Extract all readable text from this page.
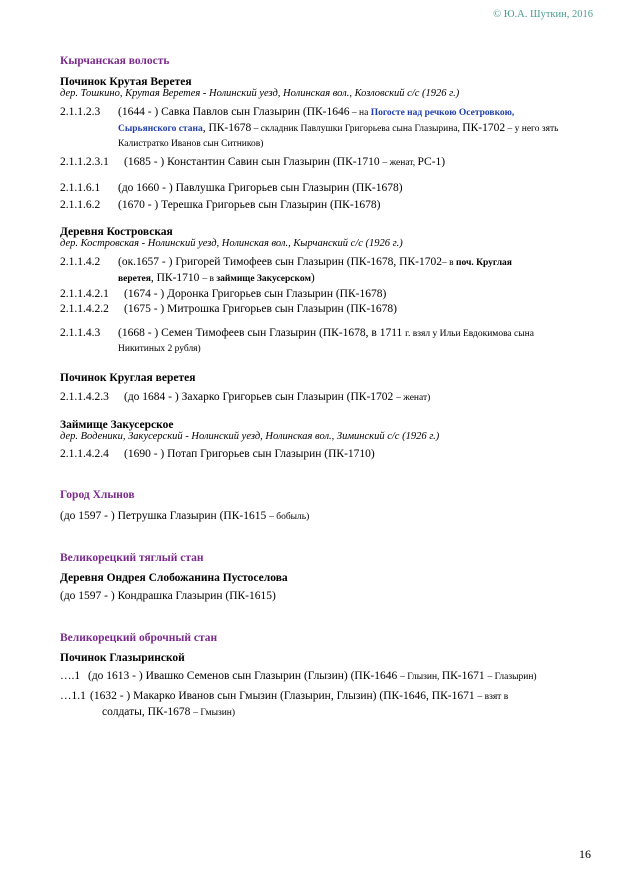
© Ю.А. Шуткин, 2016
Кырчанская волость
Починок Крутая Веретея
дер. Тошкино, Крутая Веретея - Нолинский уезд, Нолинская вол., Козловский с/с (1926 г.)
2.1.1.2.3 (1644 - ) Савка Павлов сын Глазырин (ПК-1646 – на Погосте над речкою Осетровкою,
Сырьянского стана, ПК-1678 – складник Павлушки Григорьева сына Глазырина, ПК-1702 – у него зять
Калистратко Иванов сын Ситников)
2.1.1.2.3.1 (1685 - ) Константин Савин сын Глазырин (ПК-1710 – женат, РС-1)
2.1.1.6.1 (до 1660 - ) Павлушка Григорьев сын Глазырин (ПК-1678)
2.1.1.6.2 (1670 - ) Терешка Григорьев сын Глазырин (ПК-1678)
Деревня Костровская
дер. Костровская - Нолинский уезд, Нолинская вол., Кырчанский с/с (1926 г.)
2.1.1.4.2 (ок.1657 - ) Григорей Тимофеев сын Глазырин (ПК-1678, ПК-1702– в поч. Круглая
веретея, ПК-1710 – в займище Закусерском)
2.1.1.4.2.1 (1674 - ) Доронка Григорьев сын Глазырин (ПК-1678)
2.1.1.4.2.2 (1675 - ) Митрошка Григорьев сын Глазырин (ПК-1678)
2.1.1.4.3 (1668 - ) Семен Тимофеев сын Глазырин (ПК-1678, в 1711 г. взял у Ильи Евдокимова сына
Никитиных 2 рубля)
Починок Круглая веретея
2.1.1.4.2.3 (до 1684 - ) Захарко Григорьев сын Глазырин (ПК-1702 – женат)
Займище Закусерское
дер. Воденики, Закусерский - Нолинский уезд, Нолинская вол., Зиминский с/с (1926 г.)
2.1.1.4.2.4 (1690 - ) Потап Григорьев сын Глазырин (ПК-1710)
Город Хлынов
(до 1597 - ) Петрушка Глазырин (ПК-1615 – бобыль)
Великорецкий тяглый стан
Деревня Ондрея Слобожанина Пустоселова
(до 1597 - ) Кондрашка Глазырин (ПК-1615)
Великорецкий оброчный стан
Починок Глазыринской
….1 (до 1613 - ) Ивашко Семенов сын Глазырин (Глызин) (ПК-1646 – Глызин, ПК-1671 – Глазырин)
…1.1 (1632 - ) Макарко Иванов сын Гмызин (Глазырин, Глызин) (ПК-1646, ПК-1671 – взят в
солдаты, ПК-1678 – Гмызин)
16
